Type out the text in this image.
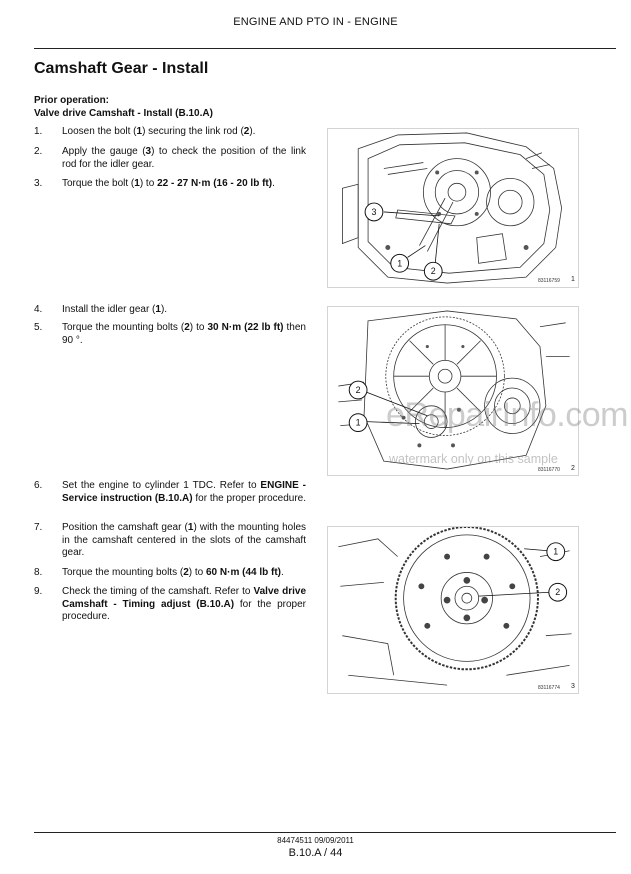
ENGINE AND PTO IN - ENGINE
Camshaft Gear - Install
Prior operation:
Valve drive Camshaft - Install (B.10.A)
1.	Loosen the bolt (1) securing the link rod (2).
2.	Apply the gauge (3) to check the position of the link rod for the idler gear.
3.	Torque the bolt (1) to 22 - 27 N·m (16 - 20 lb ft).
4.	Install the idler gear (1).
5.	Torque the mounting bolts (2) to 30 N·m (22 lb ft) then 90 °.
6.	Set the engine to cylinder 1 TDC. Refer to ENGINE - Service instruction (B.10.A) for the proper procedure.
7.	Position the camshaft gear (1) with the mounting holes in the camshaft centered in the slots of the camshaft gear.
8.	Torque the mounting bolts (2) to 60 N·m (44 lb ft).
9.	Check the timing of the camshaft. Refer to Valve drive Camshaft - Timing adjust (B.10.A) for the proper procedure.
3
1
2
83116759 1
2
1
83116770 2
1
2
83116774 3
eRepairInfo.com
watermark only on this sample
84474511 09/09/2011
B.10.A / 44
